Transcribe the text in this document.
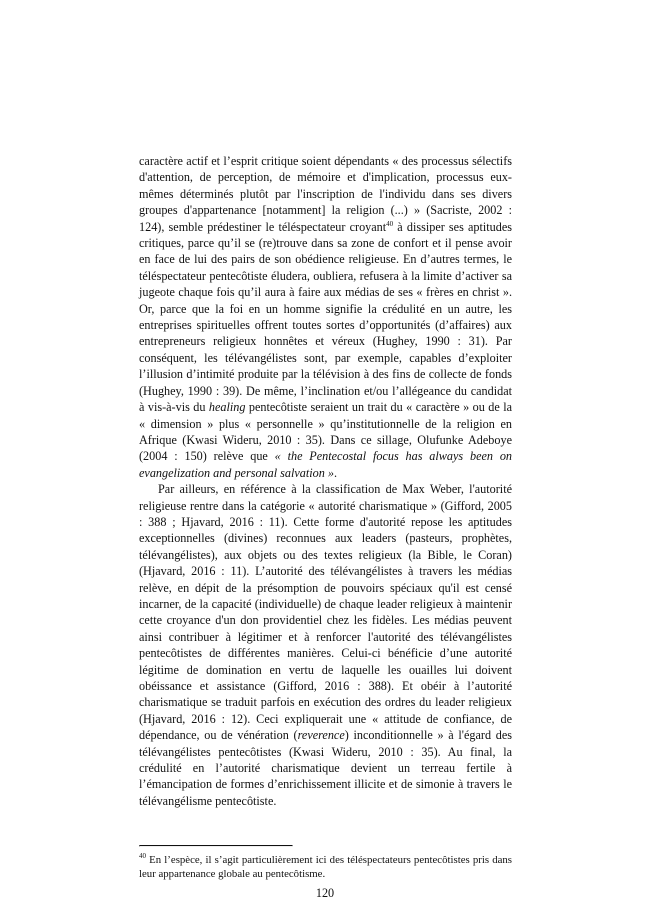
caractère actif et l’esprit critique soient dépendants « des processus sélectifs d'attention, de perception, de mémoire et d'implication, processus eux-mêmes déterminés plutôt par l'inscription de l'individu dans ses divers groupes d'appartenance [notamment] la religion (...) » (Sacriste, 2002 : 124), semble prédestiner le téléspectateur croyant$^{40}$ à dissiper ses aptitudes critiques, parce qu’il se (re)trouve dans sa zone de confort et il pense avoir en face de lui des pairs de son obédience religieuse. En d’autres termes, le téléspectateur pentecôtiste éludera, oubliera, refusera à la limite d’activer sa jugeote chaque fois qu’il aura à faire aux médias de ses « frères en christ ». Or, parce que la foi en un homme signifie la crédulité en un autre, les entreprises spirituelles offrent toutes sortes d’opportunités (d’affaires) aux entrepreneurs religieux honnêtes et véreux (Hughey, 1990 : 31). Par conséquent, les télévangélistes sont, par exemple, capables d’exploiter l’illusion d’intimité produite par la télévision à des fins de collecte de fonds (Hughey, 1990 : 39). De même, l’inclination et/ou l’allégeance du candidat à vis-à-vis du healing pentecôtiste seraient un trait du « caractère » ou de la « dimension » plus « personnelle » qu’institutionnelle de la religion en Afrique (Kwasi Wideru, 2010 : 35). Dans ce sillage, Olufunke Adeboye (2004 : 150) relève que « the Pentecostal focus has always been on evangelization and personal salvation ».

Par ailleurs, en référence à la classification de Max Weber, l'autorité religieuse rentre dans la catégorie « autorité charismatique » (Gifford, 2005 : 388 ; Hjavard, 2016 : 11). Cette forme d'autorité repose les aptitudes exceptionnelles (divines) reconnues aux leaders (pasteurs, prophètes, télévangélistes), aux objets ou des textes religieux (la Bible, le Coran) (Hjavard, 2016 : 11). L’autorité des télévangélistes à travers les médias relève, en dépit de la présomption de pouvoirs spéciaux qu'il est censé incarner, de la capacité (individuelle) de chaque leader religieux à maintenir cette croyance d'un don providentiel chez les fidèles. Les médias peuvent ainsi contribuer à légitimer et à renforcer l'autorité des télévangélistes pentecôtistes de différentes manières. Celui-ci bénéficie d’une autorité légitime de domination en vertu de laquelle les ouailles lui doivent obéissance et assistance (Gifford, 2016 : 388). Et obéir à l’autorité charismatique se traduit parfois en exécution des ordres du leader religieux (Hjavard, 2016 : 12). Ceci expliquerait une « attitude de confiance, de dépendance, ou de vénération (reverence) inconditionnelle » à l'égard des télévangélistes pentecôtistes (Kwasi Wideru, 2010 : 35). Au final, la crédulité en l’autorité charismatique devient un terreau fertile à l’émancipation de formes d’enrichissement illicite et de simonie à travers le télévangélisme pentecôtiste.

$^{40}$ En l’espèce, il s’agit particulièrement ici des téléspectateurs pentecôtistes pris dans leur appartenance globale au pentecôtisme.
120
